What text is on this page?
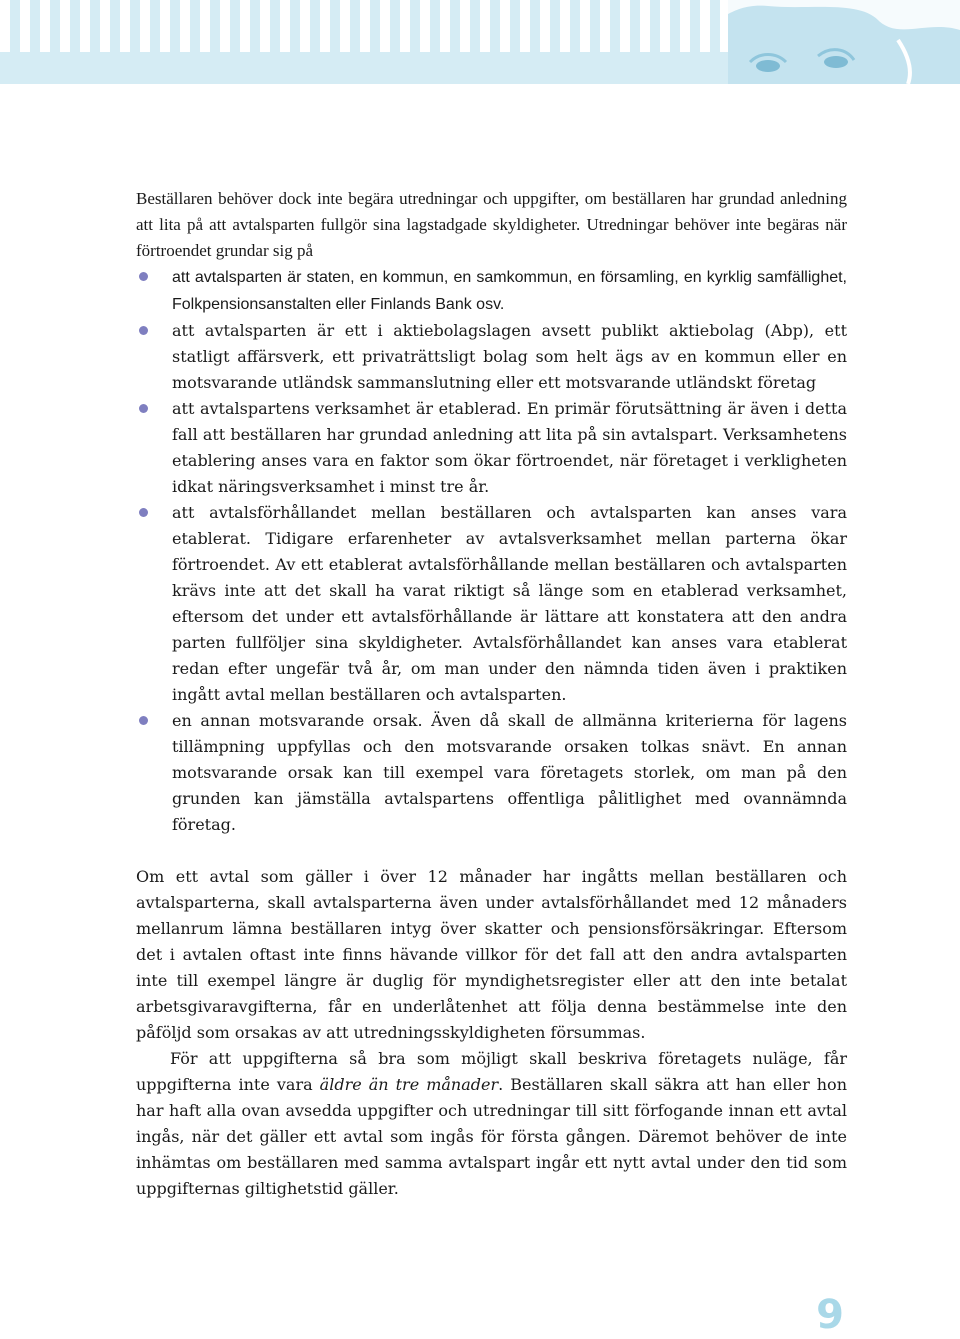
Beställaren behöver dock inte begära utredningar och uppgifter, om beställaren har grundad anledning att lita på att avtalsparten fullgör sina lagstadgade skyldigheter. Utredningar behöver inte begäras när förtroendet grundar sig på

att avtalsparten är staten, en kommun, en samkommun, en församling, en kyrklig samfällighet, Folkpensionsanstalten eller Finlands Bank osv.
att avtalsparten är ett i aktiebolagslagen avsett publikt aktiebolag (Abp), ett statligt affärsverk, ett privaträttsligt bolag som helt ägs av en kommun eller en motsvarande utländsk sammanslutning eller ett motsvarande utländskt företag
att avtalspartens verksamhet är etablerad. En primär förutsättning är även i detta fall att beställaren har grundad anledning att lita på sin avtalspart. Verksamhetens etablering anses vara en faktor som ökar förtroendet, när företaget i verkligheten idkat näringsverksamhet i minst tre år.
att avtalsförhållandet mellan beställaren och avtalsparten kan anses vara etablerat. Tidigare erfarenheter av avtalsverksamhet mellan parterna ökar förtroendet. Av ett etablerat avtalsförhållande mellan beställaren och avtalsparten krävs inte att det skall ha varat riktigt så länge som en etablerad verksamhet, eftersom det under ett avtalsförhållande är lättare att konstatera att den andra parten fullföljer sina skyldigheter. Avtalsförhållandet kan anses vara etablerat redan efter ungefär två år, om man under den nämnda tiden även i praktiken ingått avtal mellan beställaren och avtalsparten.
en annan motsvarande orsak. Även då skall de allmänna kriterierna för lagens tillämpning uppfyllas och den motsvarande orsaken tolkas snävt. En annan motsvarande orsak kan till exempel vara företagets storlek, om man på den grunden kan jämställa avtalspartens offentliga pålitlighet med ovannämnda företag.

Om ett avtal som gäller i över 12 månader har ingåtts mellan beställaren och avtalsparterna, skall avtalsparterna även under avtalsförhållandet med 12 månaders mellanrum lämna beställaren intyg över skatter och pensionsförsäkringar. Eftersom det i avtalen oftast inte finns hävande villkor för det fall att den andra avtalsparten inte till exempel längre är duglig för myndighetsregister eller att den inte betalat arbetsgivaravgifterna, får en underlåtenhet att följa denna bestämmelse inte den påföljd som orsakas av att utredningsskyldigheten försummas.

För att uppgifterna så bra som möjligt skall beskriva företagets nuläge, får uppgifterna inte vara äldre än tre månader. Beställaren skall säkra att han eller hon har haft alla ovan avsedda uppgifter och utredningar till sitt förfogande innan ett avtal ingås, när det gäller ett avtal som ingås för första gången. Däremot behöver de inte inhämtas om beställaren med samma avtalspart ingår ett nytt avtal under den tid som uppgifternas giltighetstid gäller.

9
